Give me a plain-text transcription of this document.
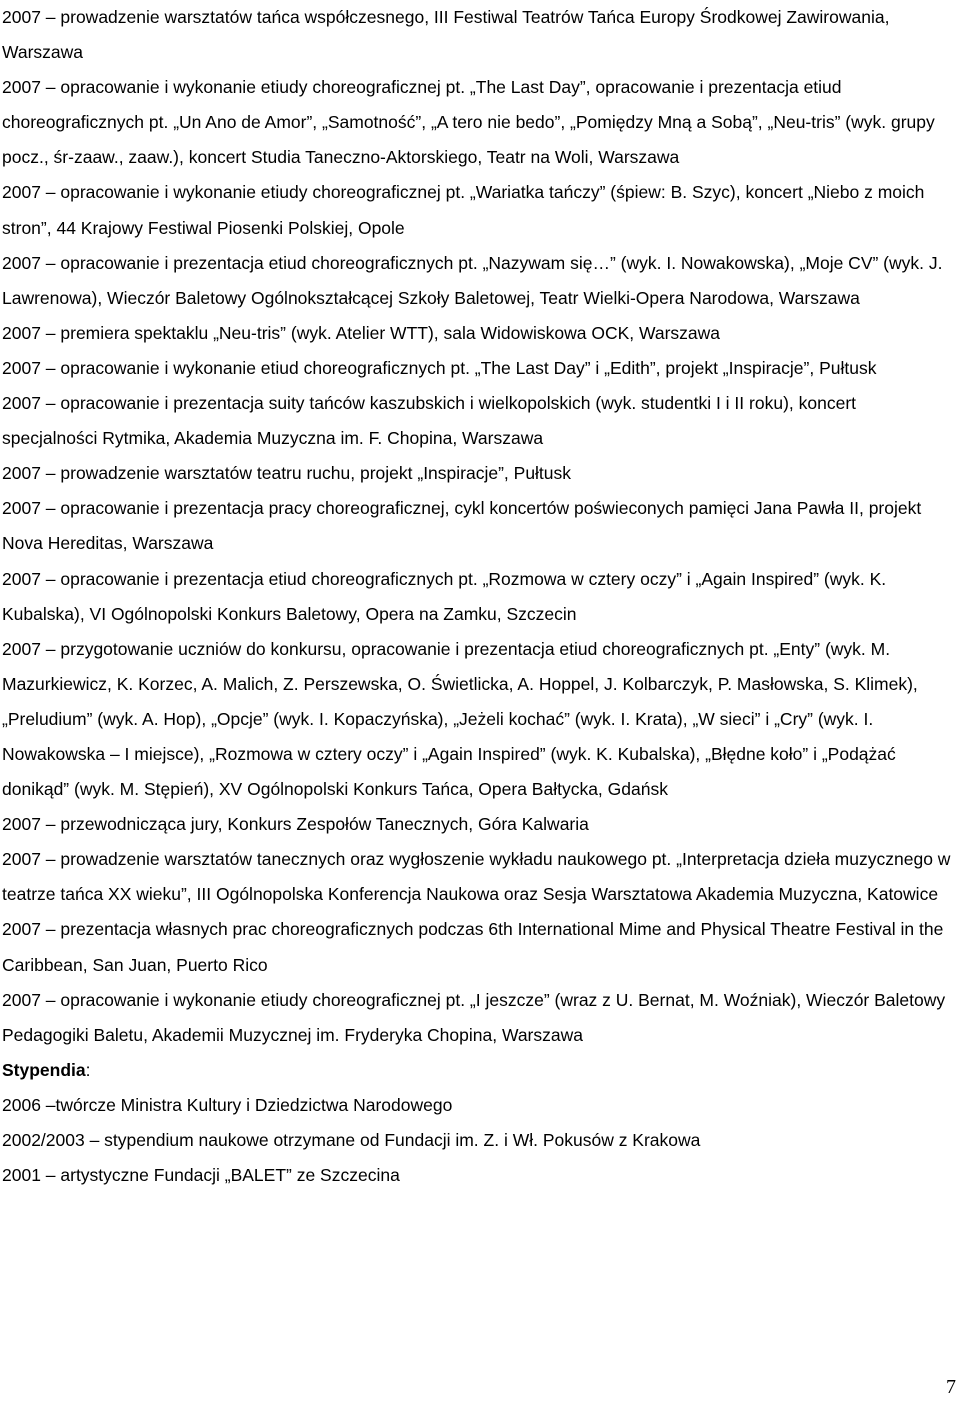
2007 – prowadzenie warsztatów tańca współczesnego, III Festiwal Teatrów Tańca Europy Środkowej Zawirowania, Warszawa

2007 – opracowanie i wykonanie etiudy choreograficznej pt. „The Last Day”, opracowanie i prezentacja etiud choreograficznych pt. „Un Ano de Amor”, „Samotność”, „A tero nie bedo”, „Pomiędzy Mną a Sobą”, „Neu-tris” (wyk. grupy pocz., śr-zaaw., zaaw.), koncert Studia Taneczno-Aktorskiego, Teatr na Woli, Warszawa

2007 – opracowanie i wykonanie etiudy choreograficznej pt. „Wariatka tańczy” (śpiew: B. Szyc), koncert „Niebo z moich stron”, 44 Krajowy Festiwal Piosenki Polskiej, Opole

2007 – opracowanie i prezentacja etiud choreograficznych pt. „Nazywam się…” (wyk. I. Nowakowska), „Moje CV” (wyk. J. Lawrenowa), Wieczór Baletowy Ogólnokształcącej Szkoły Baletowej, Teatr Wielki-Opera Narodowa, Warszawa

2007 – premiera spektaklu „Neu-tris” (wyk. Atelier WTT), sala Widowiskowa OCK, Warszawa

2007 – opracowanie i wykonanie etiud choreograficznych pt. „The Last Day” i „Edith”, projekt „Inspiracje”, Pułtusk

2007 – opracowanie i prezentacja suity tańców kaszubskich i wielkopolskich (wyk. studentki I i II roku), koncert specjalności Rytmika, Akademia Muzyczna im. F. Chopina, Warszawa

2007 – prowadzenie warsztatów teatru ruchu, projekt „Inspiracje”, Pułtusk

2007 – opracowanie i prezentacja pracy choreograficznej, cykl koncertów poświeconych pamięci Jana Pawła II, projekt Nova Hereditas, Warszawa

2007 – opracowanie i prezentacja etiud choreograficznych pt. „Rozmowa w cztery oczy” i „Again Inspired” (wyk. K. Kubalska), VI Ogólnopolski Konkurs Baletowy, Opera na Zamku, Szczecin

2007 – przygotowanie uczniów do konkursu, opracowanie i prezentacja etiud choreograficznych pt. „Enty” (wyk. M. Mazurkiewicz, K. Korzec, A. Malich, Z. Perszewska, O. Świetlicka, A. Hoppel, J. Kolbarczyk, P. Masłowska, S. Klimek), „Preludium” (wyk. A. Hop), „Opcje” (wyk. I. Kopaczyńska), „Jeżeli kochać” (wyk. I. Krata), „W sieci” i „Cry” (wyk. I. Nowakowska – I miejsce), „Rozmowa w cztery oczy” i „Again Inspired” (wyk. K. Kubalska), „Błędne koło” i „Podążać donikąd” (wyk. M. Stępień), XV Ogólnopolski Konkurs Tańca, Opera Bałtycka, Gdańsk

2007 – przewodnicząca jury, Konkurs Zespołów Tanecznych, Góra Kalwaria

2007 – prowadzenie warsztatów tanecznych oraz wygłoszenie wykładu naukowego pt. „Interpretacja dzieła muzycznego w teatrze tańca XX wieku”, III Ogólnopolska Konferencja Naukowa oraz Sesja Warsztatowa Akademia Muzyczna, Katowice

2007 – prezentacja własnych prac choreograficznych podczas 6th International Mime and Physical Theatre Festival in the Caribbean, San Juan, Puerto Rico

2007 – opracowanie i wykonanie etiudy choreograficznej pt. „I jeszcze” (wraz z U. Bernat, M. Woźniak), Wieczór Baletowy Pedagogiki Baletu, Akademii Muzycznej im. Fryderyka Chopina, Warszawa

Stypendia:

2006 –twórcze Ministra Kultury i Dziedzictwa Narodowego

2002/2003 – stypendium naukowe otrzymane od Fundacji im. Z. i Wł. Pokusów z Krakowa

2001 – artystyczne Fundacji „BALET” ze Szczecina

7
